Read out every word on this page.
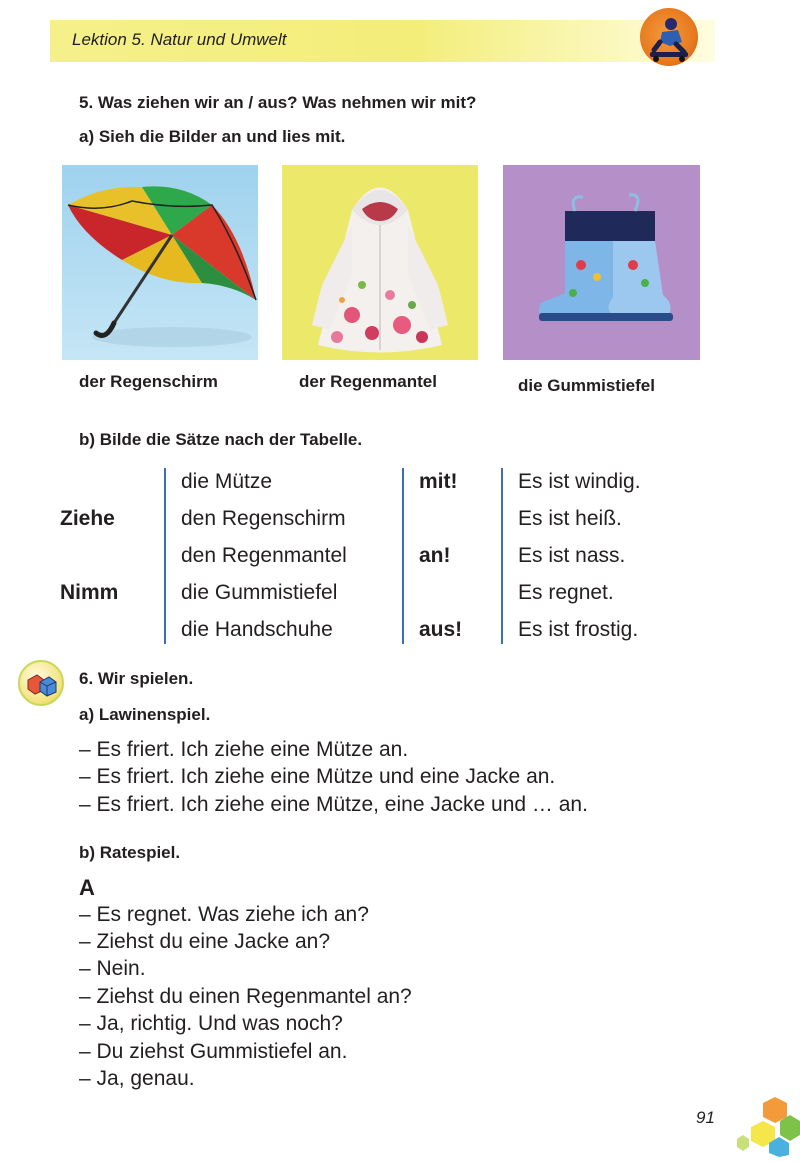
Lektion 5. Natur und Umwelt
5. Was ziehen wir an / aus? Was nehmen wir mit?
a) Sieh die Bilder an und lies mit.
der Regenschirm	der Regenmantel	die Gummistiefel
b) Bilde die Sätze nach der Tabelle.
Ziehe
Nimm
die Mütze
den Regenschirm
den Regenmantel
die Gummistiefel
die Handschuhe
mit!
an!
aus!
Es ist windig.
Es ist heiß.
Es ist nass.
Es regnet.
Es ist frostig.
6. Wir spielen.
a) Lawinenspiel.
– Es friert. Ich ziehe eine Mütze an.
– Es friert. Ich ziehe eine Mütze und eine Jacke an.
– Es friert. Ich ziehe eine Mütze, eine Jacke und … an.
b) Ratespiel.
A
– Es regnet. Was ziehe ich an?
– Ziehst du eine Jacke an?
– Nein.
– Ziehst du einen Regenmantel an?
– Ja, richtig. Und was noch?
– Du ziehst Gummistiefel an.
– Ja, genau.
91
